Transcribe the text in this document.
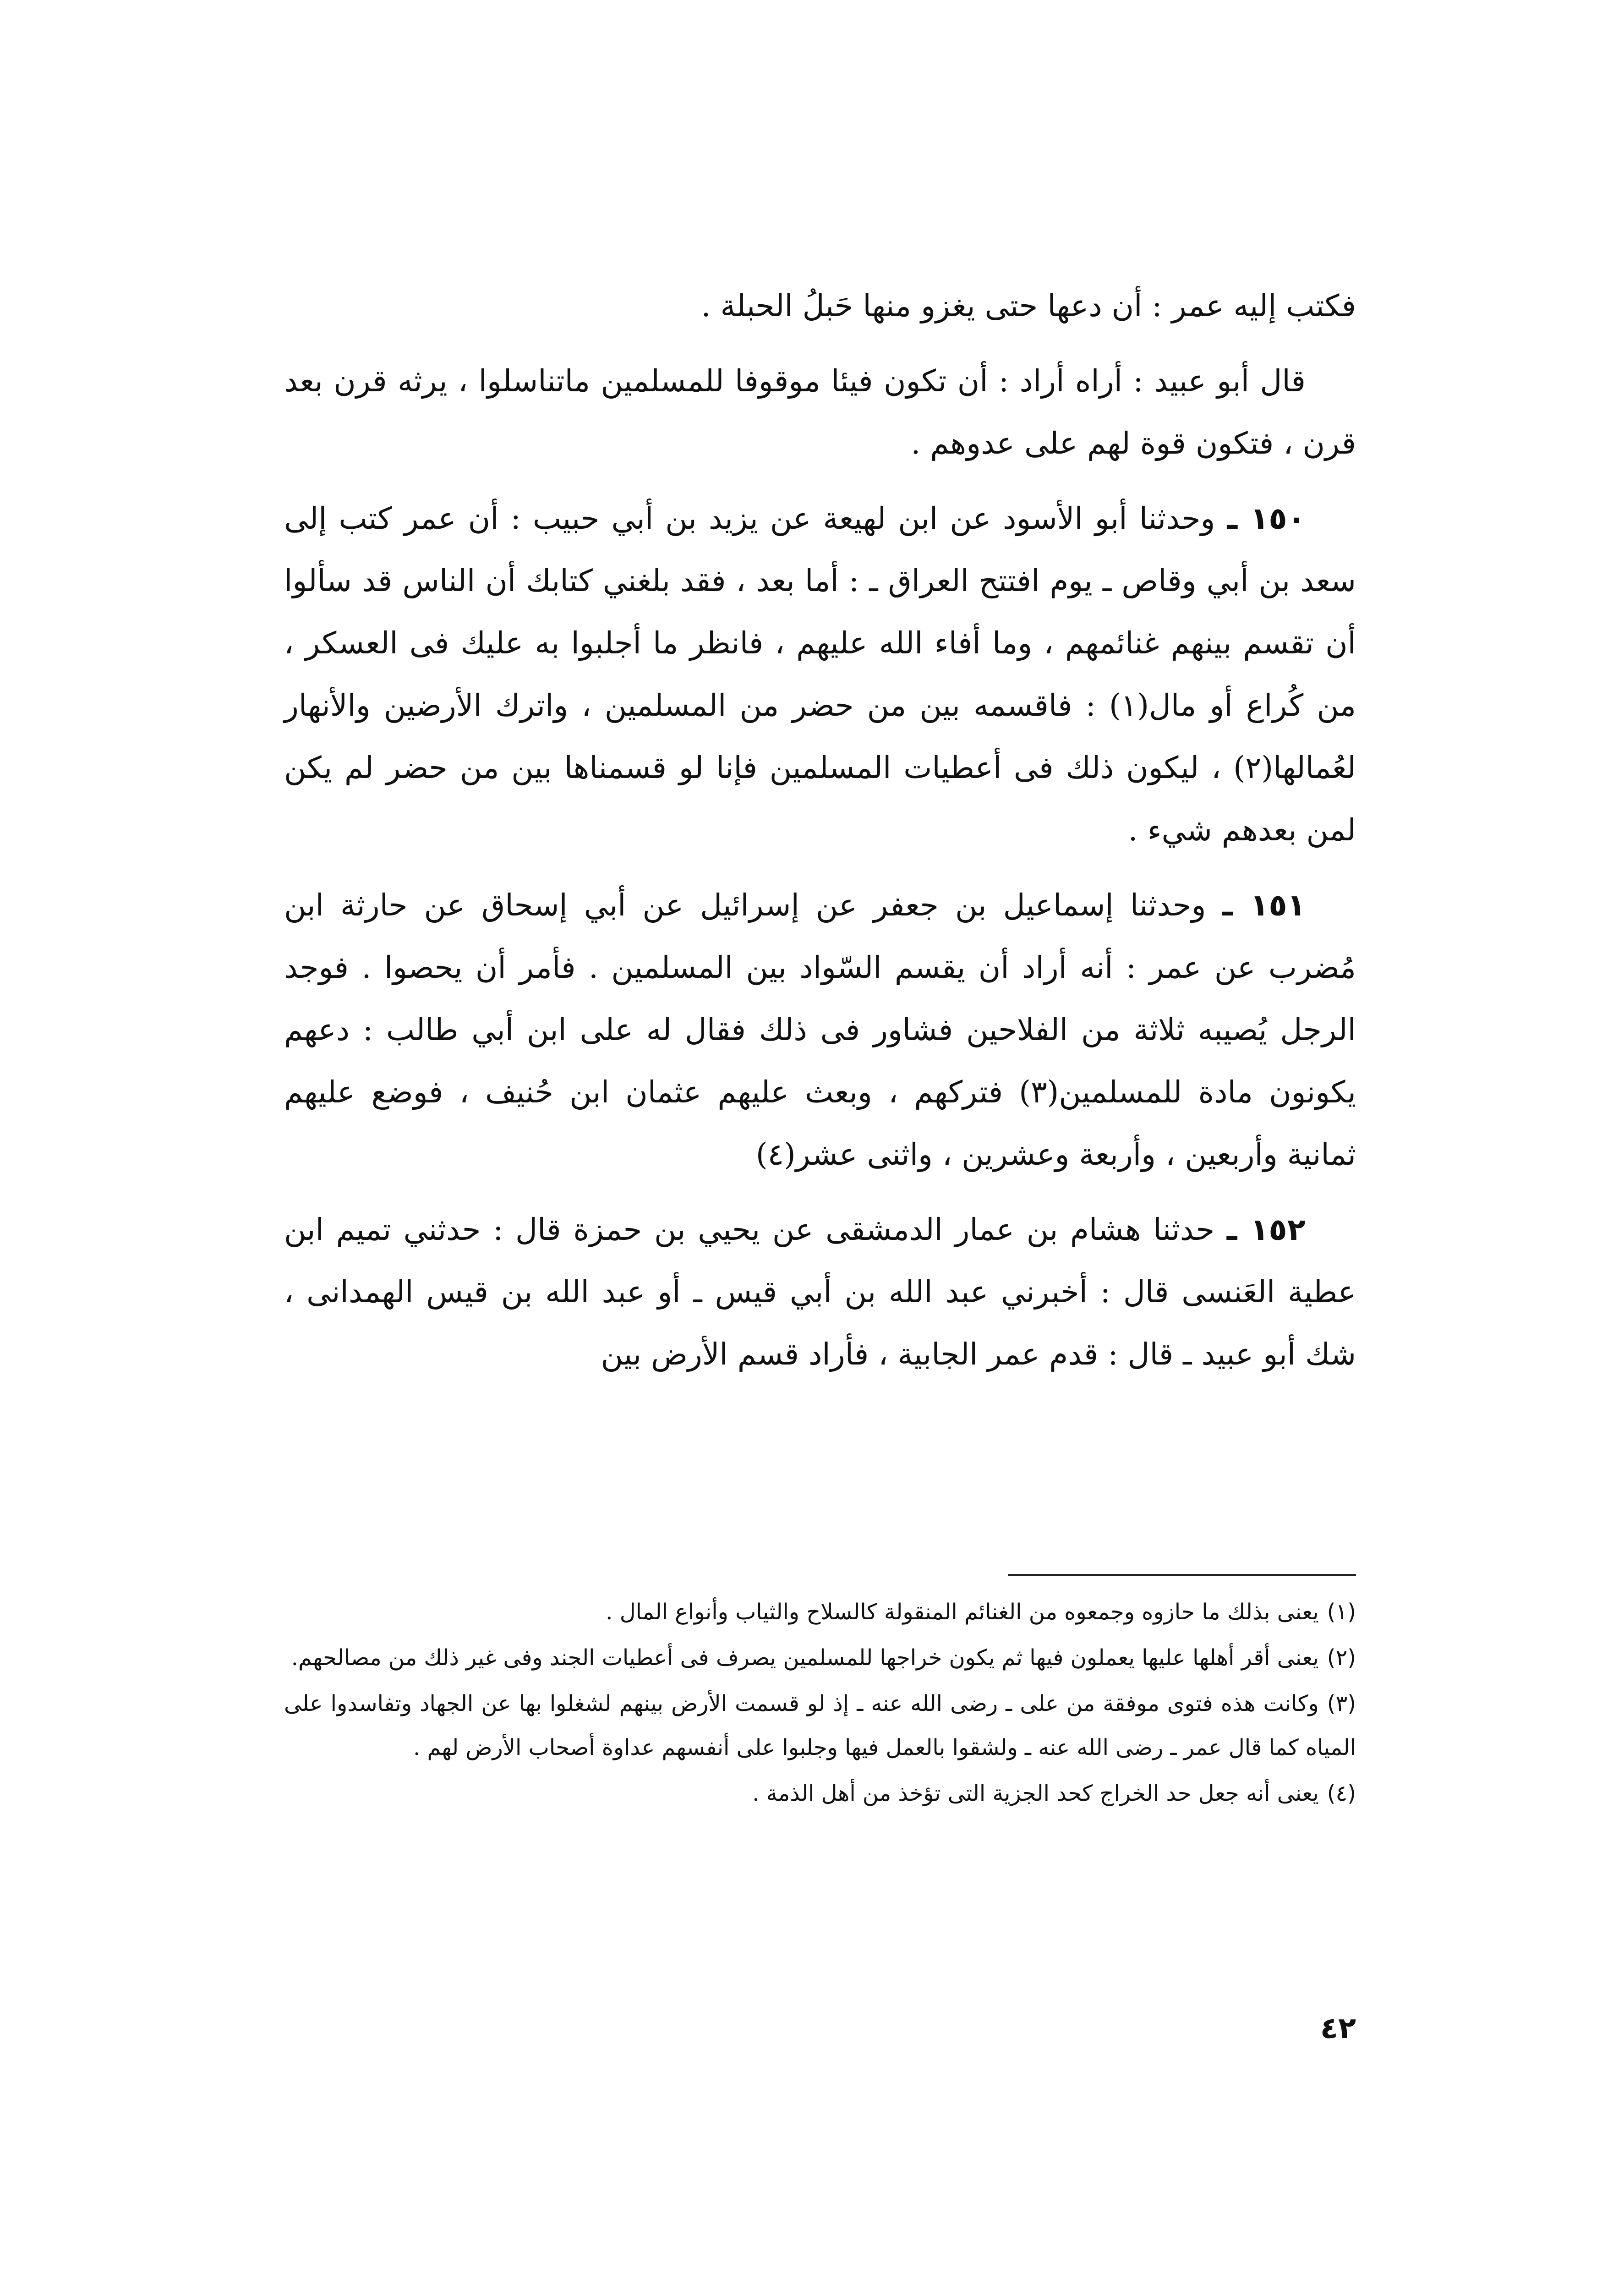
فكتب إليه عمر : أن دعها حتى يغزو منها حَبلُ الحبلة .

قال أبو عبيد : أراه أراد : أن تكون فيئا موقوفا للمسلمين ماتناسلوا ، يرثه قرن بعد قرن ، فتكون قوة لهم على عدوهم .

١٥٠ ـ وحدثنا أبو الأسود عن ابن لهيعة عن يزيد بن أبي حبيب : أن عمر كتب إلى سعد بن أبي وقاص ـ يوم افتتح العراق ـ : أما بعد ، فقد بلغني كتابك أن الناس قد سألوا أن تقسم بينهم غنائمهم ، وما أفاء الله عليهم ، فانظر ما أجلبوا به عليك فى العسكر ، من كُراع أو مال(١) : فاقسمه بين من حضر من المسلمين ، واترك الأرضين والأنهار لعُمالها(٢) ، ليكون ذلك فى أعطيات المسلمين فإنا لو قسمناها بين من حضر لم يكن لمن بعدهم شيء .

١٥١ ـ وحدثنا إسماعيل بن جعفر عن إسرائيل عن أبي إسحاق عن حارثة ابن مُضرب عن عمر : أنه أراد أن يقسم السّواد بين المسلمين . فأمر أن يحصوا . فوجد الرجل يُصيبه ثلاثة من الفلاحين فشاور فى ذلك فقال له على ابن أبي طالب : دعهم يكونون مادة للمسلمين(٣) فتركهم ، وبعث عليهم عثمان ابن حُنيف ، فوضع عليهم ثمانية وأربعين ، وأربعة وعشرين ، واثنى عشر(٤)

١٥٢ ـ حدثنا هشام بن عمار الدمشقى عن يحيي بن حمزة قال : حدثني تميم ابن عطية العَنسى قال : أخبرني عبد الله بن أبي قيس ـ أو عبد الله بن قيس الهمدانى ، شك أبو عبيد ـ قال : قدم عمر الجابية ، فأراد قسم الأرض بين

(١)يعنى بذلك ما حازوه وجمعوه من الغنائم المنقولة كالسلاح والثياب وأنواع المال .

(٢)يعنى أقر أهلها عليها يعملون فيها ثم يكون خراجها للمسلمين يصرف فى أعطيات الجند وفى غير ذلك من مصالحهم.

(٣)وكانت هذه فتوى موفقة من على ـ رضى الله عنه ـ إذ لو قسمت الأرض بينهم لشغلوا بها عن الجهاد وتفاسدوا على المياه كما قال عمر ـ رضى الله عنه ـ ولشقوا بالعمل فيها وجلبوا على أنفسهم عداوة أصحاب الأرض لهم .

(٤)يعنى أنه جعل حد الخراج كحد الجزية التى تؤخذ من أهل الذمة .

٤٢
